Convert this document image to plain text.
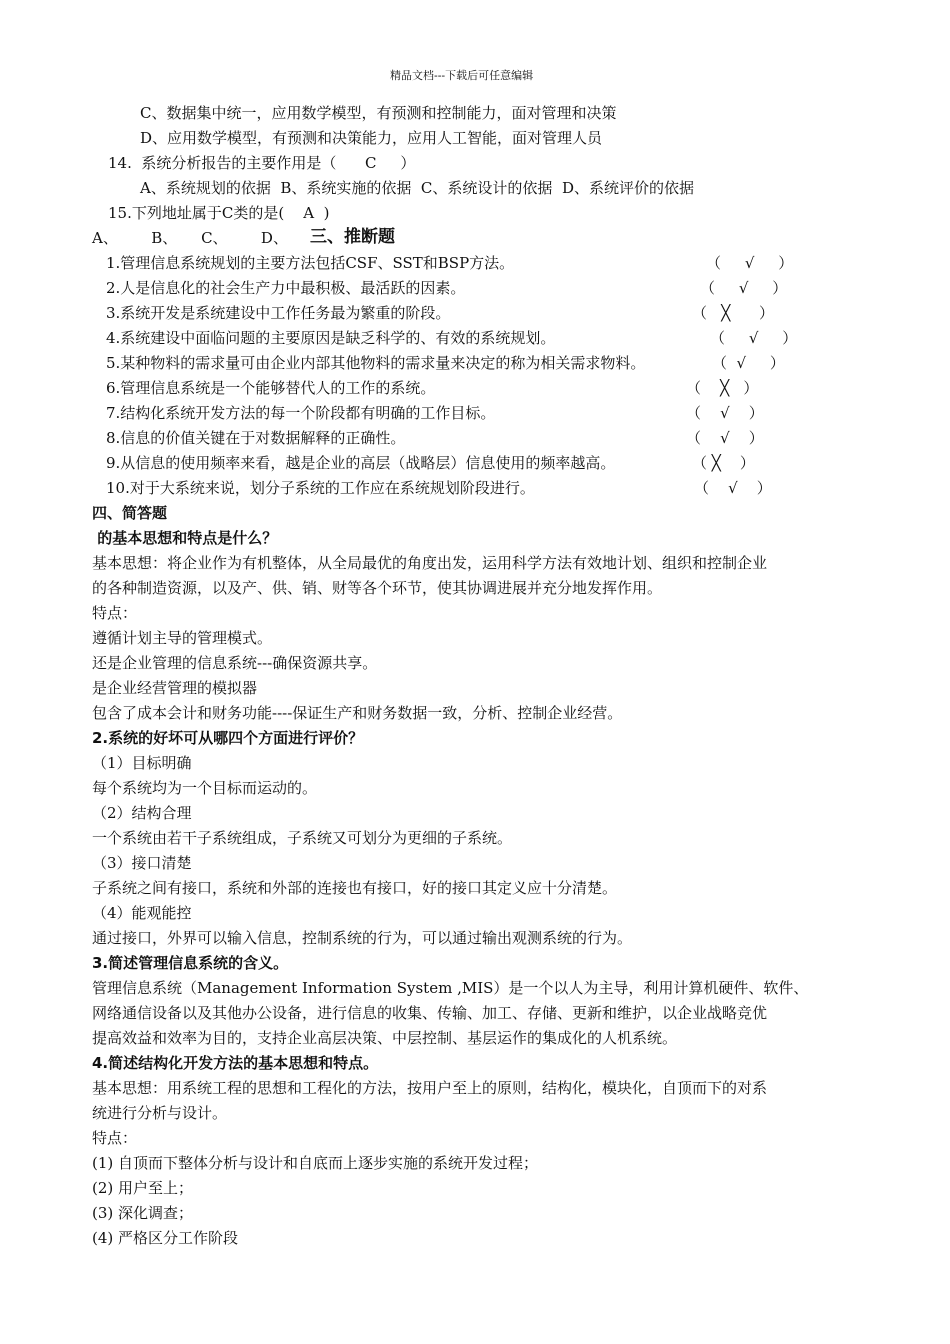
精品文档---下载后可任意编辑
C、数据集中统一，应用数学模型，有预测和控制能力，面对管理和决策
D、应用数学模型，有预测和决策能力，应用人工智能，面对管理人员
14.  系统分析报告的主要作用是（      C     ）
A、系统规划的依据  B、系统实施的依据  C、系统设计的依据  D、系统评价的依据
15.下列地址属于C类的是(    A  )
A、       B、     C、       D、 三、推断题
1.管理信息系统规划的主要方法包括CSF、SST和BSP方法。	（     √     ）
2.人是信息化的社会生产力中最积极、最活跃的因素。	（     √     ）
3.系统开发是系统建设中工作任务最为繁重的阶段。	（   ╳      ）
4.系统建设中面临问题的主要原因是缺乏科学的、有效的系统规划。	（     √     ）
5.某种物料的需求量可由企业内部其他物料的需求量来决定的称为相关需求物料。	（  √     ）
6.管理信息系统是一个能够替代人的工作的系统。	（    ╳   ）
7.结构化系统开发方法的每一个阶段都有明确的工作目标。	（    √    ）
8.信息的价值关键在于对数据解释的正确性。	（    √    ）
9.从信息的使用频率来看，越是企业的高层（战略层）信息使用的频率越高。	（ ╳    ）
10.对于大系统来说，划分子系统的工作应在系统规划阶段进行。	（    √    ）
四、简答题
的基本思想和特点是什么？
基本思想：将企业作为有机整体，从全局最优的角度出发，运用科学方法有效地计划、组织和控制企业
的各种制造资源，以及产、供、销、财等各个环节，使其协调进展并充分地发挥作用。
特点：
遵循计划主导的管理模式。
还是企业管理的信息系统---确保资源共享。
是企业经营管理的模拟器
包含了成本会计和财务功能----保证生产和财务数据一致，分析、控制企业经营。
2.系统的好坏可从哪四个方面进行评价？
（1）目标明确
每个系统均为一个目标而运动的。
（2）结构合理
一个系统由若干子系统组成，子系统又可划分为更细的子系统。
（3）接口清楚
子系统之间有接口，系统和外部的连接也有接口，好的接口其定义应十分清楚。
（4）能观能控
通过接口，外界可以输入信息，控制系统的行为，可以通过输出观测系统的行为。
3.简述管理信息系统的含义。
管理信息系统（Management Information System ,MIS）是一个以人为主导，利用计算机硬件、软件、
网络通信设备以及其他办公设备，进行信息的收集、传输、加工、存储、更新和维护，以企业战略竞优
提高效益和效率为目的，支持企业高层决策、中层控制、基层运作的集成化的人机系统。
4.简述结构化开发方法的基本思想和特点。
基本思想：用系统工程的思想和工程化的方法，按用户至上的原则，结构化，模块化，自顶而下的对系
统进行分析与设计。
特点：
(1) 自顶而下整体分析与设计和自底而上逐步实施的系统开发过程；
(2) 用户至上；
(3) 深化调查；
(4) 严格区分工作阶段
